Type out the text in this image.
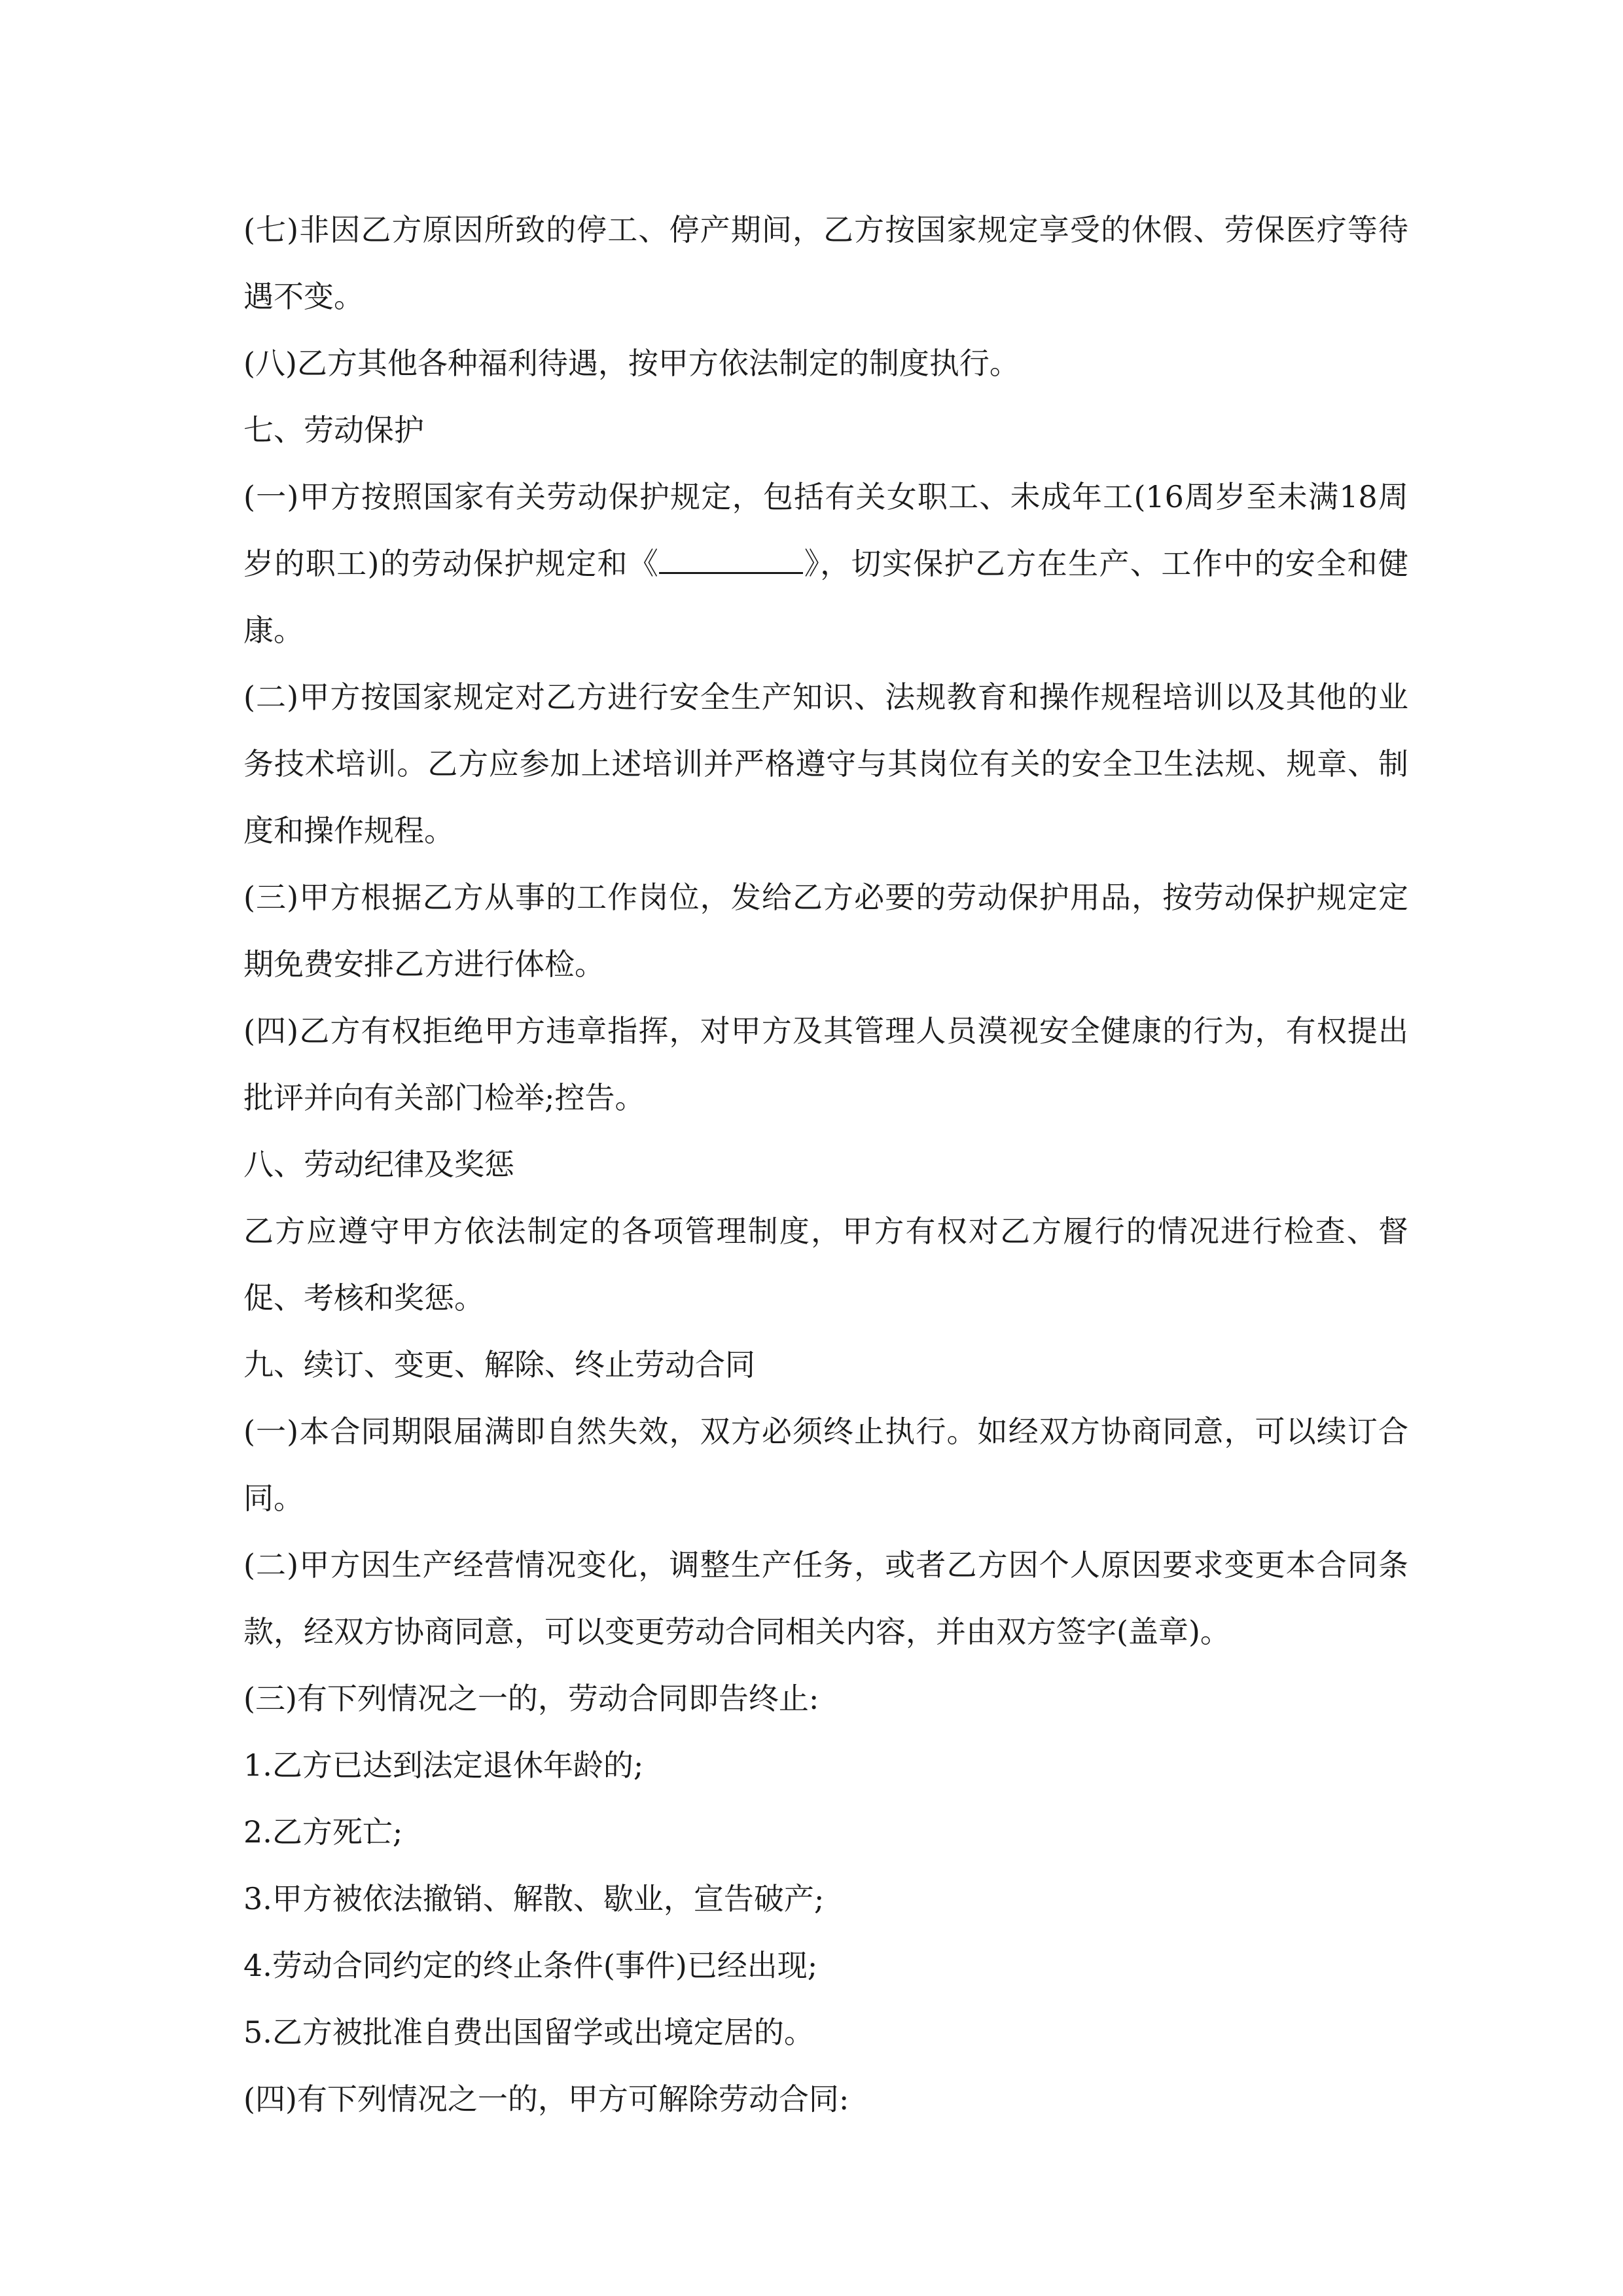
(七)非因乙方原因所致的停工、停产期间，乙方按国家规定享受的休假、劳保医疗等待遇不变。

(八)乙方其他各种福利待遇，按甲方依法制定的制度执行。

七、劳动保护

(一)甲方按照国家有关劳动保护规定，包括有关女职工、未成年工(16周岁至未满18周岁的职工)的劳动保护规定和《	》，切实保护乙方在生产、工作中的安全和健康。

(二)甲方按国家规定对乙方进行安全生产知识、法规教育和操作规程培训以及其他的业务技术培训。乙方应参加上述培训并严格遵守与其岗位有关的安全卫生法规、规章、制度和操作规程。

(三)甲方根据乙方从事的工作岗位，发给乙方必要的劳动保护用品，按劳动保护规定定期免费安排乙方进行体检。

(四)乙方有权拒绝甲方违章指挥，对甲方及其管理人员漠视安全健康的行为，有权提出批评并向有关部门检举;控告。

八、劳动纪律及奖惩

乙方应遵守甲方依法制定的各项管理制度，甲方有权对乙方履行的情况进行检查、督促、考核和奖惩。

九、续订、变更、解除、终止劳动合同

(一)本合同期限届满即自然失效，双方必须终止执行。如经双方协商同意，可以续订合同。

(二)甲方因生产经营情况变化，调整生产任务，或者乙方因个人原因要求变更本合同条款，经双方协商同意，可以变更劳动合同相关内容，并由双方签字(盖章)。

(三)有下列情况之一的，劳动合同即告终止:

1.乙方已达到法定退休年龄的;

2.乙方死亡;

3.甲方被依法撤销、解散、歇业，宣告破产;

4.劳动合同约定的终止条件(事件)已经出现;

5.乙方被批准自费出国留学或出境定居的。

(四)有下列情况之一的，甲方可解除劳动合同:
